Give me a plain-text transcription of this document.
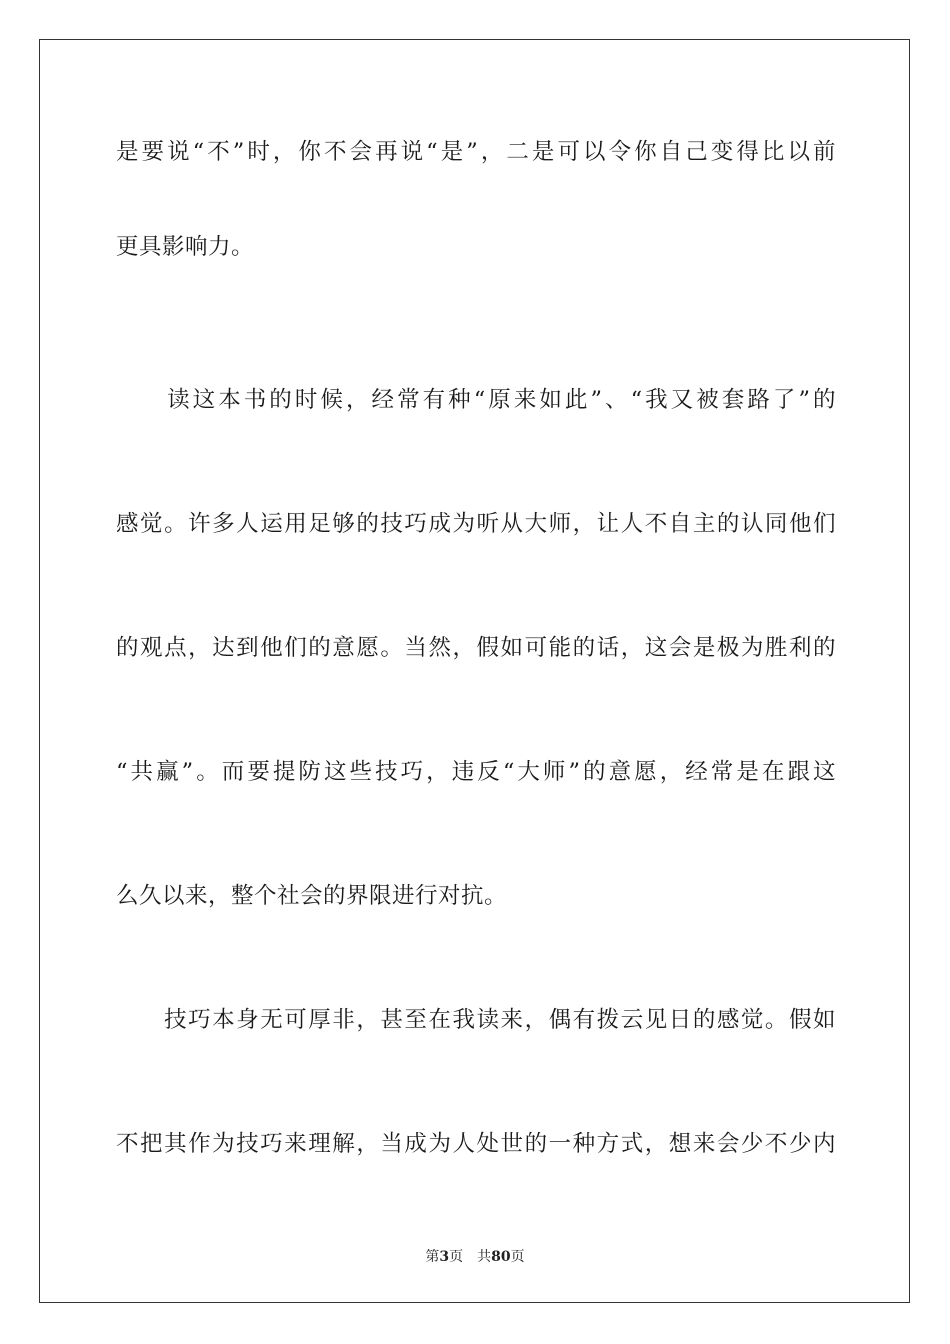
是要说“不”时，你不会再说“是”，二是可以令你自己变得比以前
更具影响力。
　　读这本书的时候，经常有种“原来如此”、“我又被套路了”的
感觉。许多人运用足够的技巧成为听从大师，让人不自主的认同他们
的观点，达到他们的意愿。当然，假如可能的话，这会是极为胜利的
“共赢”。而要提防这些技巧，违反“大师”的意愿，经常是在跟这
么久以来，整个社会的界限进行对抗。
　　技巧本身无可厚非，甚至在我读来，偶有拨云见日的感觉。假如
不把其作为技巧来理解，当成为人处世的一种方式，想来会少不少内
第3页　 共80页
